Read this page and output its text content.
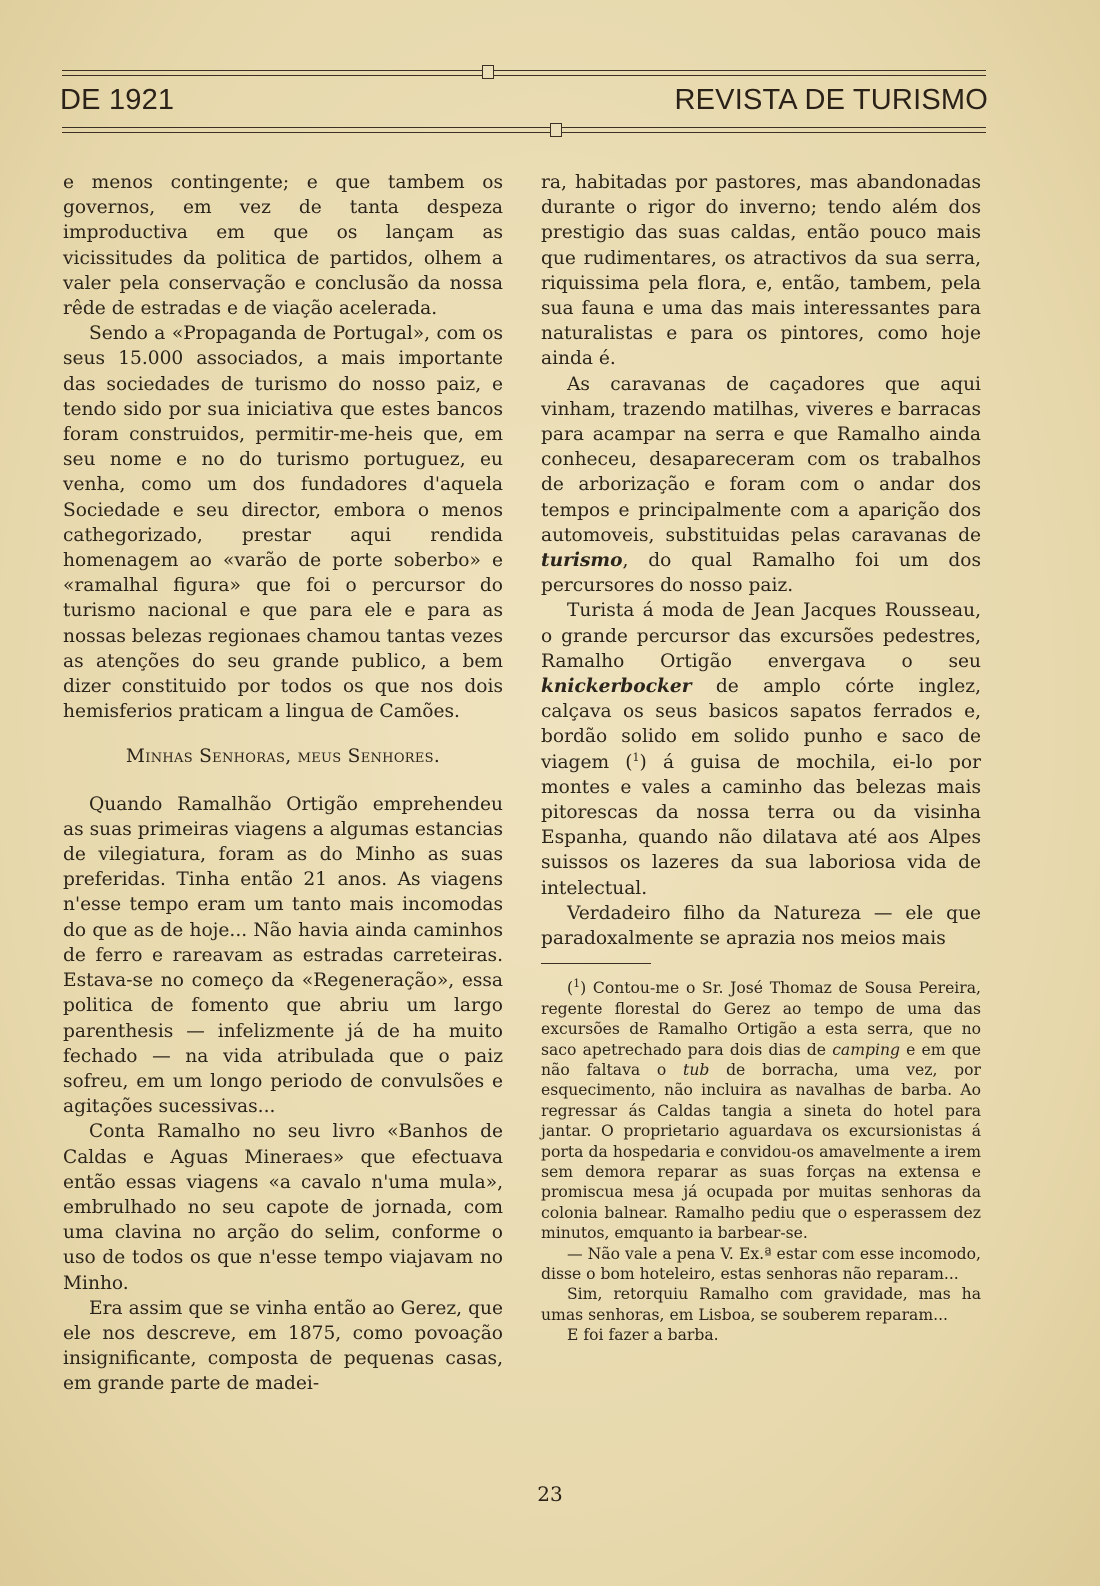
DE 1921	REVISTA DE TURISMO

e menos contingente; e que tambem os governos, em vez de tanta despeza improductiva em que os lançam as vicissitudes da politica de partidos, olhem a valer pela conservação e conclusão da nossa rêde de estradas e de viação acelerada.

Sendo a «Propaganda de Portugal», com os seus 15.000 associados, a mais importante das sociedades de turismo do nosso paiz, e tendo sido por sua iniciativa que estes bancos foram construidos, permitir-me-heis que, em seu nome e no do turismo portuguez, eu venha, como um dos fundadores d'aquela Sociedade e seu director, embora o menos cathegorizado, prestar aqui rendida homenagem ao «varão de porte soberbo» e «ramalhal figura» que foi o percursor do turismo nacional e que para ele e para as nossas belezas regionaes chamou tantas vezes as atenções do seu grande publico, a bem dizer constituido por todos os que nos dois hemisferios praticam a lingua de Camões.

Minhas Senhoras, meus Senhores.

Quando Ramalhão Ortigão emprehendeu as suas primeiras viagens a algumas estancias de vilegiatura, foram as do Minho as suas preferidas. Tinha então 21 anos. As viagens n'esse tempo eram um tanto mais incomodas do que as de hoje... Não havia ainda caminhos de ferro e rareavam as estradas carreteiras. Estava-se no começo da «Regeneração», essa politica de fomento que abriu um largo parenthesis — infelizmente já de ha muito fechado — na vida atribulada que o paiz sofreu, em um longo periodo de convulsões e agitações sucessivas...

Conta Ramalho no seu livro «Banhos de Caldas e Aguas Mineraes» que efectuava então essas viagens «a cavalo n'uma mula», embrulhado no seu capote de jornada, com uma clavina no arção do selim, conforme o uso de todos os que n'esse tempo viajavam no Minho.

Era assim que se vinha então ao Gerez, que ele nos descreve, em 1875, como povoação insignificante, composta de pequenas casas, em grande parte de madei-

ra, habitadas por pastores, mas abandonadas durante o rigor do inverno; tendo além dos prestigio das suas caldas, então pouco mais que rudimentares, os atractivos da sua serra, riquissima pela flora, e, então, tambem, pela sua fauna e uma das mais interessantes para naturalistas e para os pintores, como hoje ainda é.

As caravanas de caçadores que aqui vinham, trazendo matilhas, viveres e barracas para acampar na serra e que Ramalho ainda conheceu, desapareceram com os trabalhos de arborização e foram com o andar dos tempos e principalmente com a aparição dos automoveis, substituidas pelas caravanas de turismo, do qual Ramalho foi um dos percursores do nosso paiz.

Turista á moda de Jean Jacques Rousseau, o grande percursor das excursões pedestres, Ramalho Ortigão envergava o seu knickerbocker de amplo córte inglez, calçava os seus basicos sapatos ferrados e, bordão solido em solido punho e saco de viagem ($^1$) á guisa de mochila, ei-lo por montes e vales a caminho das belezas mais pitorescas da nossa terra ou da visinha Espanha, quando não dilatava até aos Alpes suissos os lazeres da sua laboriosa vida de intelectual.

Verdadeiro filho da Natureza — ele que paradoxalmente se aprazia nos meios mais

($^1$) Contou-me o Sr. José Thomaz de Sousa Pereira, regente florestal do Gerez ao tempo de uma das excursões de Ramalho Ortigão a esta serra, que no saco apetrechado para dois dias de camping e em que não faltava o tub de borracha, uma vez, por esquecimento, não incluira as navalhas de barba. Ao regressar ás Caldas tangia a sineta do hotel para jantar. O proprietario aguardava os excursionistas á porta da hospedaria e convidou-os amavelmente a irem sem demora reparar as suas forças na extensa e promiscua mesa já ocupada por muitas senhoras da colonia balnear. Ramalho pediu que o esperassem dez minutos, emquanto ia barbear-se.

— Não vale a pena V. Ex.ª estar com esse incomodo, disse o bom hoteleiro, estas senhoras não reparam...

Sim, retorquiu Ramalho com gravidade, mas ha umas senhoras, em Lisboa, se souberem reparam...

E foi fazer a barba.

23
